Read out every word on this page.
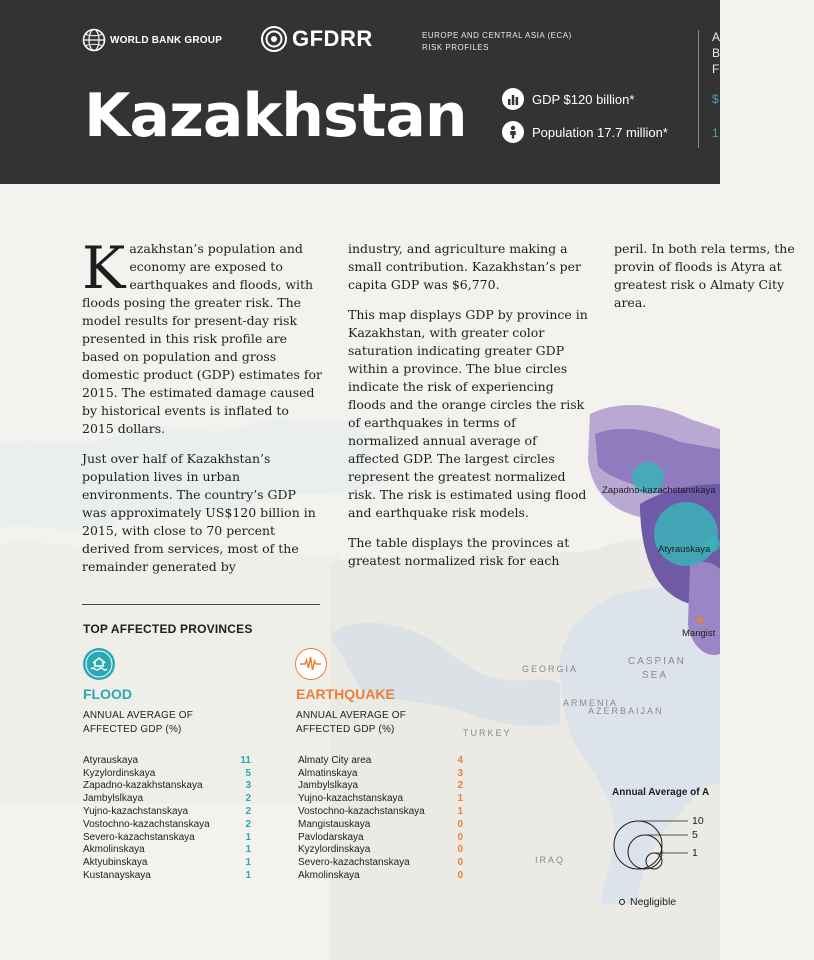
WORLD BANK GROUP	GFDRR	EUROPE AND CENTRAL ASIA (ECA)
RISK PROFILES
Kazakhstan	GDP $120 billion*
Population 17.7 million*
A
B
F
$
1

Kazakhstan’s population and economy are exposed to earthquakes and floods, with floods posing the greater risk. The model results for present-day risk presented in this risk profile are based on population and gross domestic product (GDP) estimates for 2015. The estimated damage caused by historical events is inflated to 2015 dollars.

Just over half of Kazakhstan’s population lives in urban environments. The country’s GDP was approximately US$120 billion in 2015, with close to 70 percent derived from services, most of the remainder generated by

industry, and agriculture making a small contribution. Kazakhstan’s per capita GDP was $6,770.

This map displays GDP by province in Kazakhstan, with greater color saturation indicating greater GDP within a province. The blue circles indicate the risk of experiencing floods and the orange circles the risk of earthquakes in terms of normalized annual average of affected GDP. The largest circles represent the greatest normalized risk. The risk is estimated using flood and earthquake risk models.

The table displays the provinces at greatest normalized risk for each

peril. In both rela terms, the provin of floods is Atyra at greatest risk o Almaty City area.

TOP AFFECTED PROVINCES
FLOOD
ANNUAL AVERAGE OF
AFFECTED GDP (%)
Atyrauskaya	11
Kyzylordinskaya	5
Zapadno-kazakhstanskaya	3
Jambylslkaya	2
Yujno-kazachstanskaya	2
Vostochno-kazachstanskaya	2
Severo-kazachstanskaya	1
Akmolinskaya	1
Aktyubinskaya	1
Kustanayskaya	1
EARTHQUAKE
ANNUAL AVERAGE OF
AFFECTED GDP (%)
Almaty City area	4
Almatinskaya	3
Jambylslkaya	2
Yujno-kazachstanskaya	1
Vostochno-kazachstanskaya	1
Mangistauskaya	0
Pavlodarskaya	0
Kyzylordinskaya	0
Severo-kazachstanskaya	0
Akmolinskaya	0
Zapadno-kazachstanskaya
Atyrauskaya
Mangist
GEORGIA
ARMENIA
AZERBAIJAN
TURKEY
IRAQ
CASPIAN
SEA
Annual Average of A
10
5
1
Negligible
